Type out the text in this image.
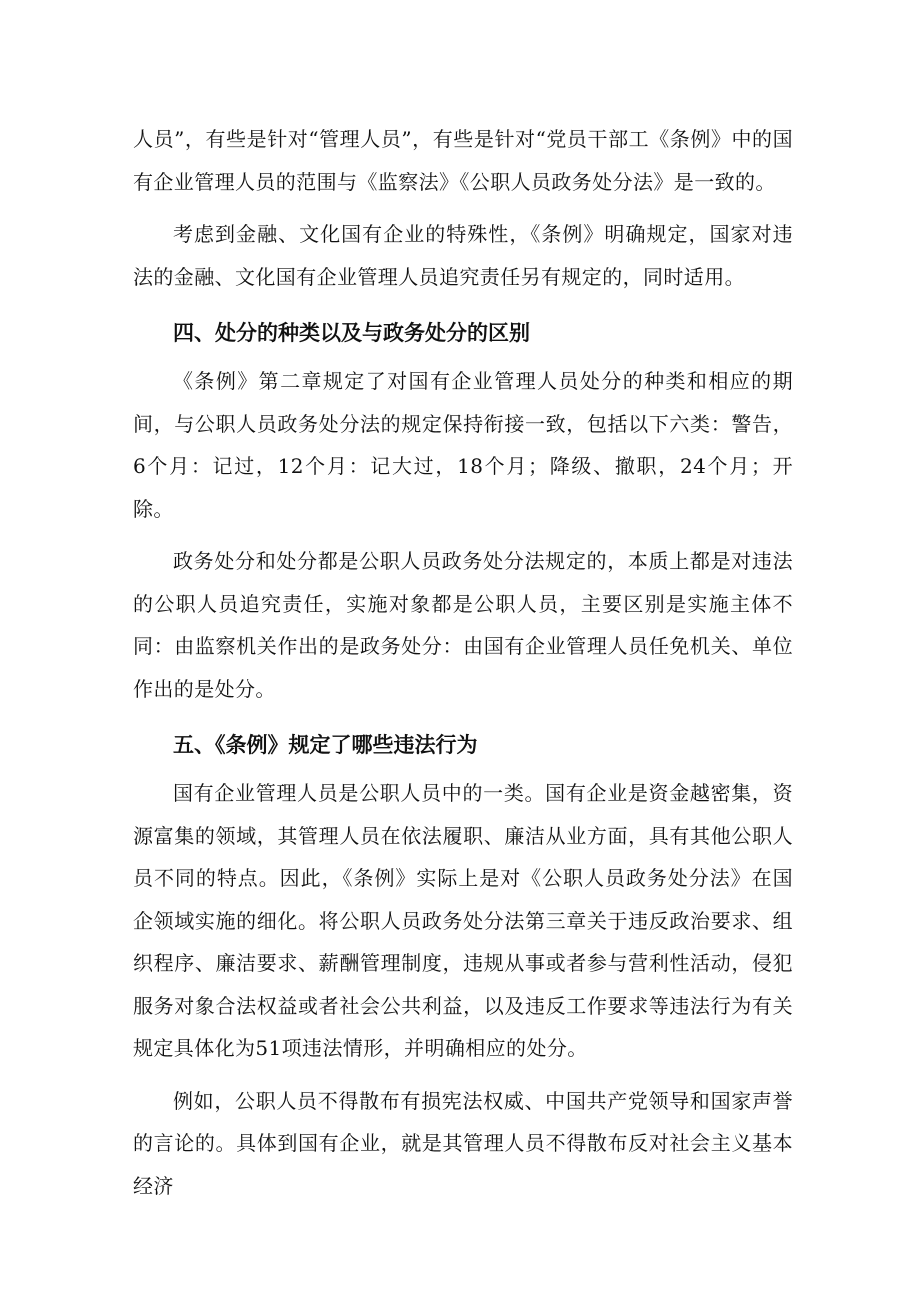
人员”，有些是针对“管理人员”，有些是针对“党员干部工《条例》中的国有企业管理人员的范围与《监察法》《公职人员政务处分法》是一致的。

考虑到金融、文化国有企业的特殊性，《条例》明确规定，国家对违法的金融、文化国有企业管理人员追究责任另有规定的，同时适用。

四、处分的种类以及与政务处分的区别

《条例》第二章规定了对国有企业管理人员处分的种类和相应的期间，与公职人员政务处分法的规定保持衔接一致，包括以下六类：警告，6个月：记过，12个月：记大过，18个月；降级、撤职，24个月；开除。

政务处分和处分都是公职人员政务处分法规定的，本质上都是对违法的公职人员追究责任，实施对象都是公职人员，主要区别是实施主体不同：由监察机关作出的是政务处分：由国有企业管理人员任免机关、单位作出的是处分。

五、《条例》规定了哪些违法行为

国有企业管理人员是公职人员中的一类。国有企业是资金越密集，资源富集的领域，其管理人员在依法履职、廉洁从业方面，具有其他公职人员不同的特点。因此，《条例》实际上是对《公职人员政务处分法》在国企领域实施的细化。将公职人员政务处分法第三章关于违反政治要求、组织程序、廉洁要求、薪酬管理制度，违规从事或者参与营利性活动，侵犯服务对象合法权益或者社会公共利益，以及违反工作要求等违法行为有关规定具体化为51项违法情形，并明确相应的处分。

例如，公职人员不得散布有损宪法权威、中国共产党领导和国家声誉的言论的。具体到国有企业，就是其管理人员不得散布反对社会主义基本经济
